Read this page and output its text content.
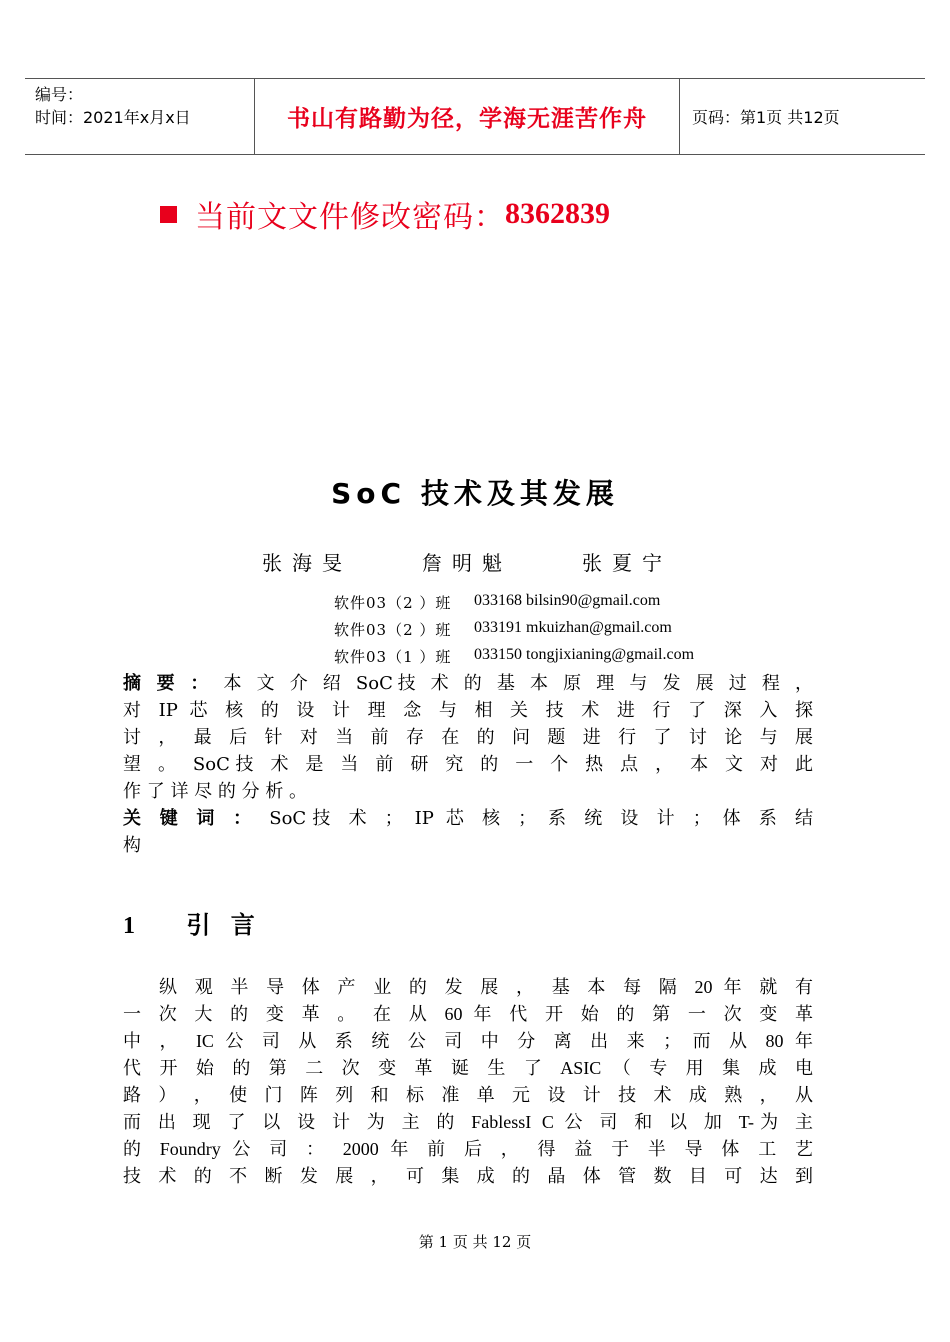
编号：
时间：2021年x月x日	书山有路勤为径，学海无涯苦作舟	页码：第1页 共12页
当前文文件修改密码： 8362839
SoC 技术及其发展
张海旻	詹明魁	张夏宁
软件03（2 ）班 033168 bilsin90@gmail.com
软件03（2 ）班 033191 mkuizhan@gmail.com
软件03（1 ）班 033150 tongjixianing@gmail.com
摘 要 ： 本 文 介 绍 SoC技 术 的 基 本 原 理 与 发 展 过 程 ，
对 IP 芯 核 的 设 计 理 念 与 相 关 技 术 进 行 了 深 入 探
讨 ， 最 后 针 对 当 前 存 在 的 问 题 进 行 了 讨 论 与 展
望 。 SoC技 术 是 当 前 研 究 的 一 个 热 点 ， 本 文 对 此
作 了 详 尽 的 分 析 。
关 键 词 ： SoC技 术 ； IP 芯 核 ； 系 统 设 计 ； 体 系 结
构
1 引 言
纵 观 半 导 体 产 业 的 发 展 ， 基 本 每 隔 20 年 就 有
一 次 大 的 变 革 。 在 从 60 年 代 开 始 的 第 一 次 变 革
中 ， IC 公 司 从 系 统 公 司 中 分 离 出 来 ； 而 从 80 年
代 开 始 的 第 二 次 变 革 诞 生 了 ASIC （ 专 用 集 成 电
路 ） ， 使 门 阵 列 和 标 准 单 元 设 计 技 术 成 熟 ， 从
而 出 现 了 以 设 计 为 主 的 FablessI C 公 司 和 以 加 T-为 主
的 Foundry 公 司 ： 2000 年 前 后 ， 得 益 于 半 导 体 工 艺
技 术 的 不 断 发 展 ， 可 集 成 的 晶 体 管 数 目 可 达 到
第 1 页 共 12 页
